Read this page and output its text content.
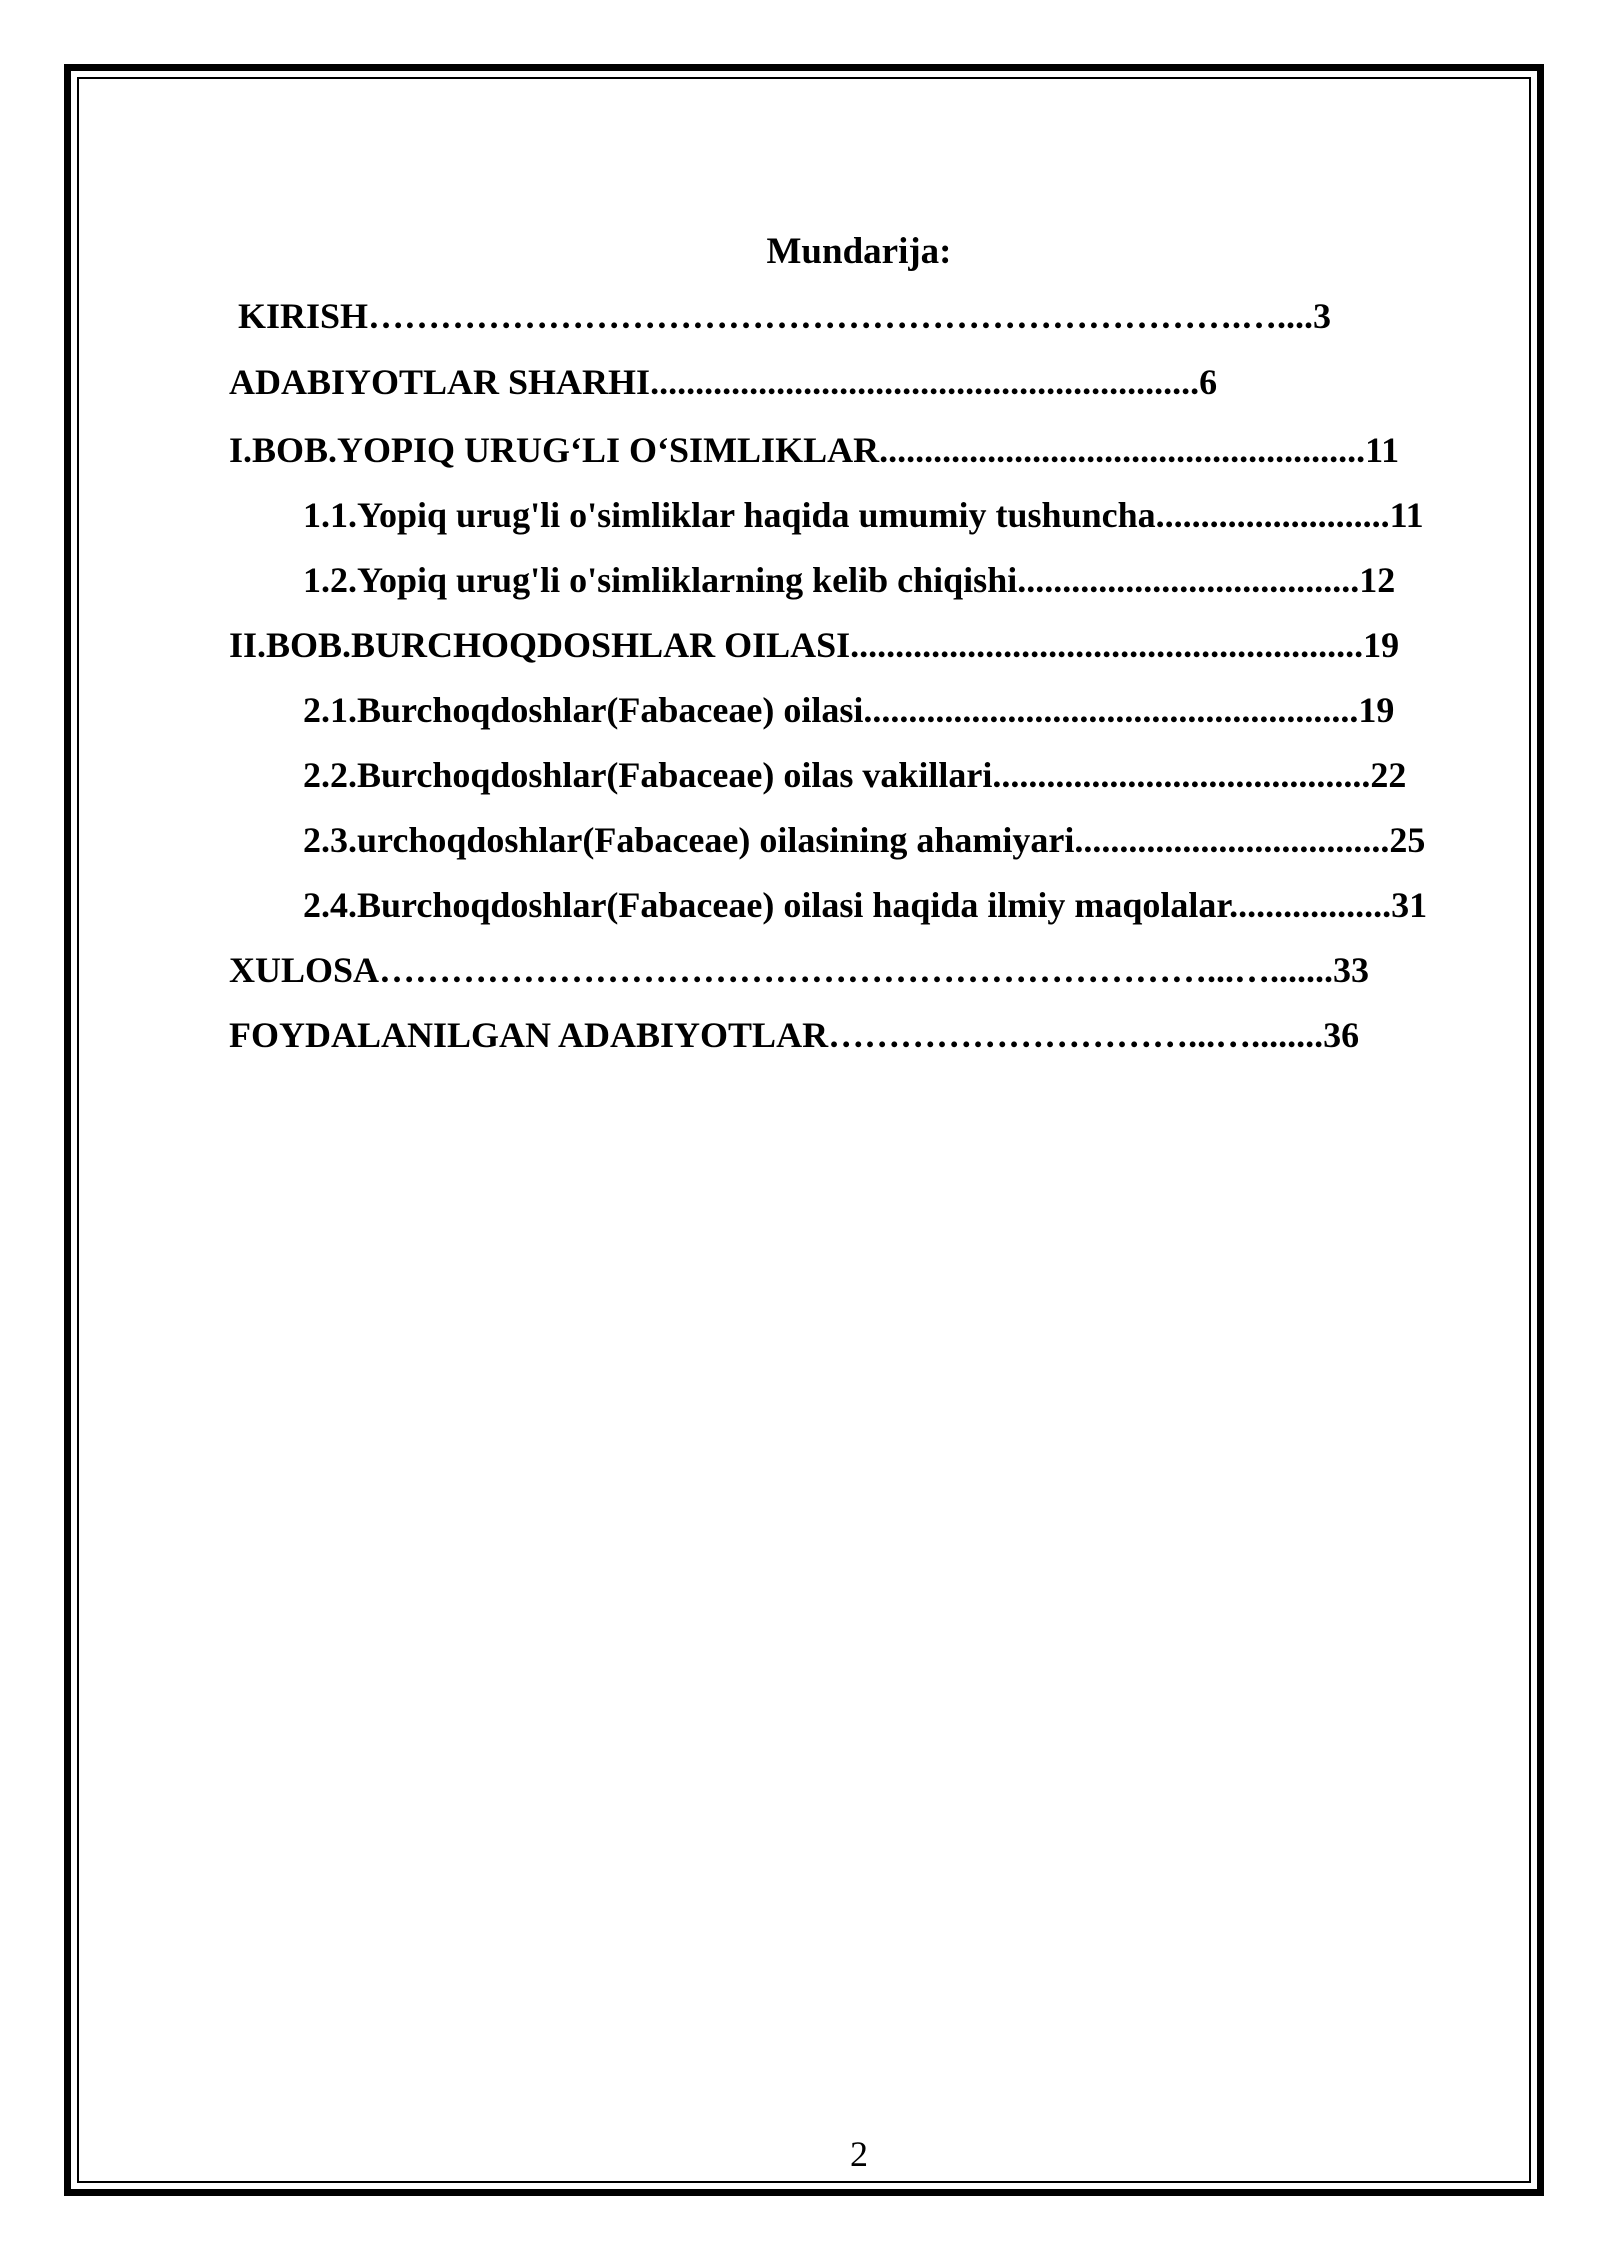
Mundarija:

KIRISH……………………………………………………………….…....3

ADABIYOTLAR SHARHI.............................................................6

I.BOB.YOPIQ URUG‘LI O‘SIMLIKLAR......................................................11

1.1.Yopiq urug'li o'simliklar haqida umumiy tushuncha..........................11

1.2.Yopiq urug'li o'simliklarning kelib chiqishi......................................12

II.BOB.BURCHOQDOSHLAR OILASI.........................................................19

2.1.Burchoqdoshlar(Fabaceae) oilasi.......................................................19

2.2.Burchoqdoshlar(Fabaceae) oilas vakillari..........................................22

2.3.urchoqdoshlar(Fabaceae) oilasining ahamiyari...................................25

2.4.Burchoqdoshlar(Fabaceae) oilasi haqida ilmiy maqolalar..................31

XULOSA……………………………………………………………...….......33

FOYDALANILGAN ADABIYOTLAR…………………………...…........36

2
